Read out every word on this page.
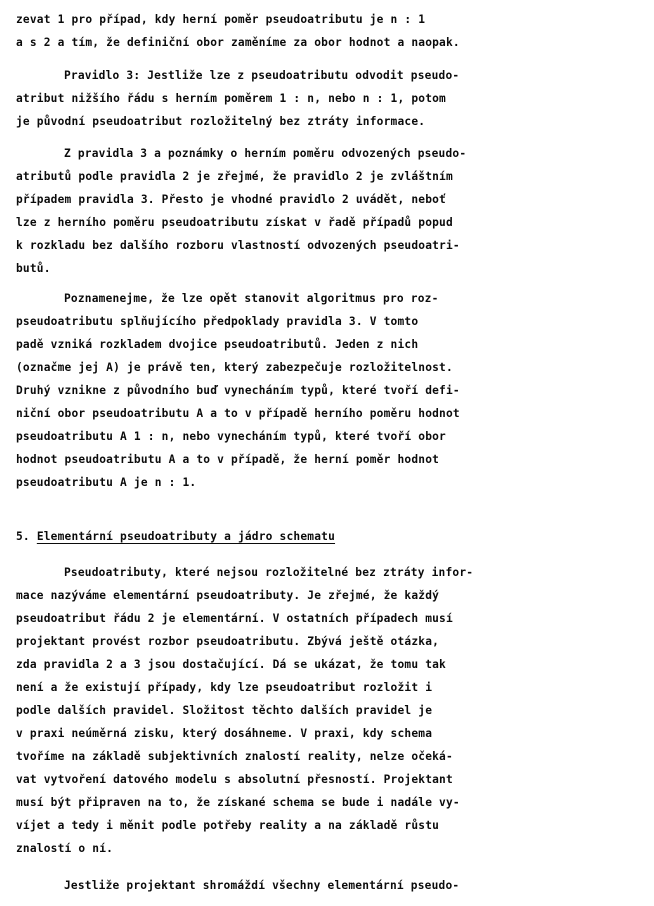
zevat 1 pro případ, kdy herní poměr pseudoatributu je n : 1
a s 2 a tím, že definiční obor zaměníme za obor hodnot a naopak.
Pravidlo 3: Jestliže lze z pseudoatributu odvodit pseudo-
atribut nižšího řádu s herním poměrem 1 : n, nebo n : 1, potom
je původní pseudoatribut rozložitelný bez ztráty informace.
Z pravidla 3 a poznámky o herním poměru odvozených pseudo-
atributů podle pravidla 2 je zřejmé, že pravidlo 2 je zvláštním
případem pravidla 3. Přesto je vhodné pravidlo 2 uvádět, neboť
lze z herního poměru pseudoatributu získat v řadě případů popud
k rozkladu bez dalšího rozboru vlastností odvozených pseudoatri-
butů.
Poznamenejme, že lze opět stanovit algoritmus pro roz-
pseudoatributu splňujícího předpoklady pravidla 3. V tomto
padě vzniká rozkladem dvojice pseudoatributů. Jeden z nich
(označme jej A) je právě ten, který zabezpečuje rozložitelnost.
Druhý vznikne z původního buď vynecháním typů, které tvoří defi-
niční obor pseudoatributu A a to v případě herního poměru hodnot
pseudoatributu A 1 : n, nebo vynecháním typů, které tvoří obor
hodnot pseudoatributu A a to v případě, že herní poměr hodnot
pseudoatributu A je n : 1.
5. Elementární pseudoatributy a jádro schematu
Pseudoatributy, které nejsou rozložitelné bez ztráty infor-
mace nazýváme elementární pseudoatributy. Je zřejmé, že každý
pseudoatribut řádu 2 je elementární. V ostatních případech musí
projektant provést rozbor pseudoatributu. Zbývá ještě otázka,
zda pravidla 2 a 3 jsou dostačující. Dá se ukázat, že tomu tak
není a že existují případy, kdy lze pseudoatribut rozložit i
podle dalších pravidel. Složitost těchto dalších pravidel je
v praxi neúměrná zisku, který dosáhneme. V praxi, kdy schema
tvoříme na základě subjektivních znalostí reality, nelze očeká-
vat vytvoření datového modelu s absolutní přesností. Projektant
musí být připraven na to, že získané schema se bude i nadále vy-
víjet a tedy i měnit podle potřeby reality a na základě růstu
znalostí o ní.
Jestliže projektant shromáždí všechny elementární pseudo-
